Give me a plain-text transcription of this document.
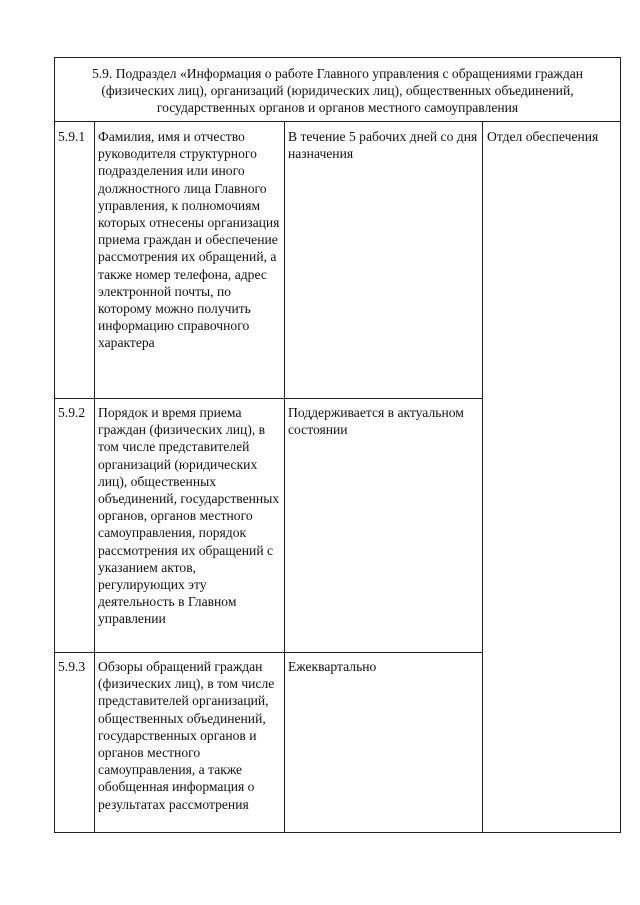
5.9. Подраздел «Информация о работе Главного управления с обращениями граждан (физических лиц), организаций (юридических лиц), общественных объединений, государственных органов и органов местного самоуправления
Отдел обеспечения
5.9.1 Фамилия, имя и отчество руководителя структурного подразделения или иного должностного лица Главного управления, к полномочиям которых отнесены организация приема граждан и обеспечение рассмотрения их обращений, а также номер телефона, адрес электронной почты, по которому можно получить информацию справочного характера
В течение 5 рабочих дней со дня назначения
5.9.2 Порядок и время приема граждан (физических лиц), в том числе представителей организаций (юридических лиц), общественных объединений, государственных органов, органов местного самоуправления, порядок рассмотрения их обращений с указанием актов, регулирующих эту деятельность в Главном управлении
Поддерживается в актуальном состоянии
5.9.3 Обзоры обращений граждан (физических лиц), в том числе представителей организаций, общественных объединений, государственных органов и органов местного самоуправления, а также обобщенная информация о результатах рассмотрения
Ежеквартально
